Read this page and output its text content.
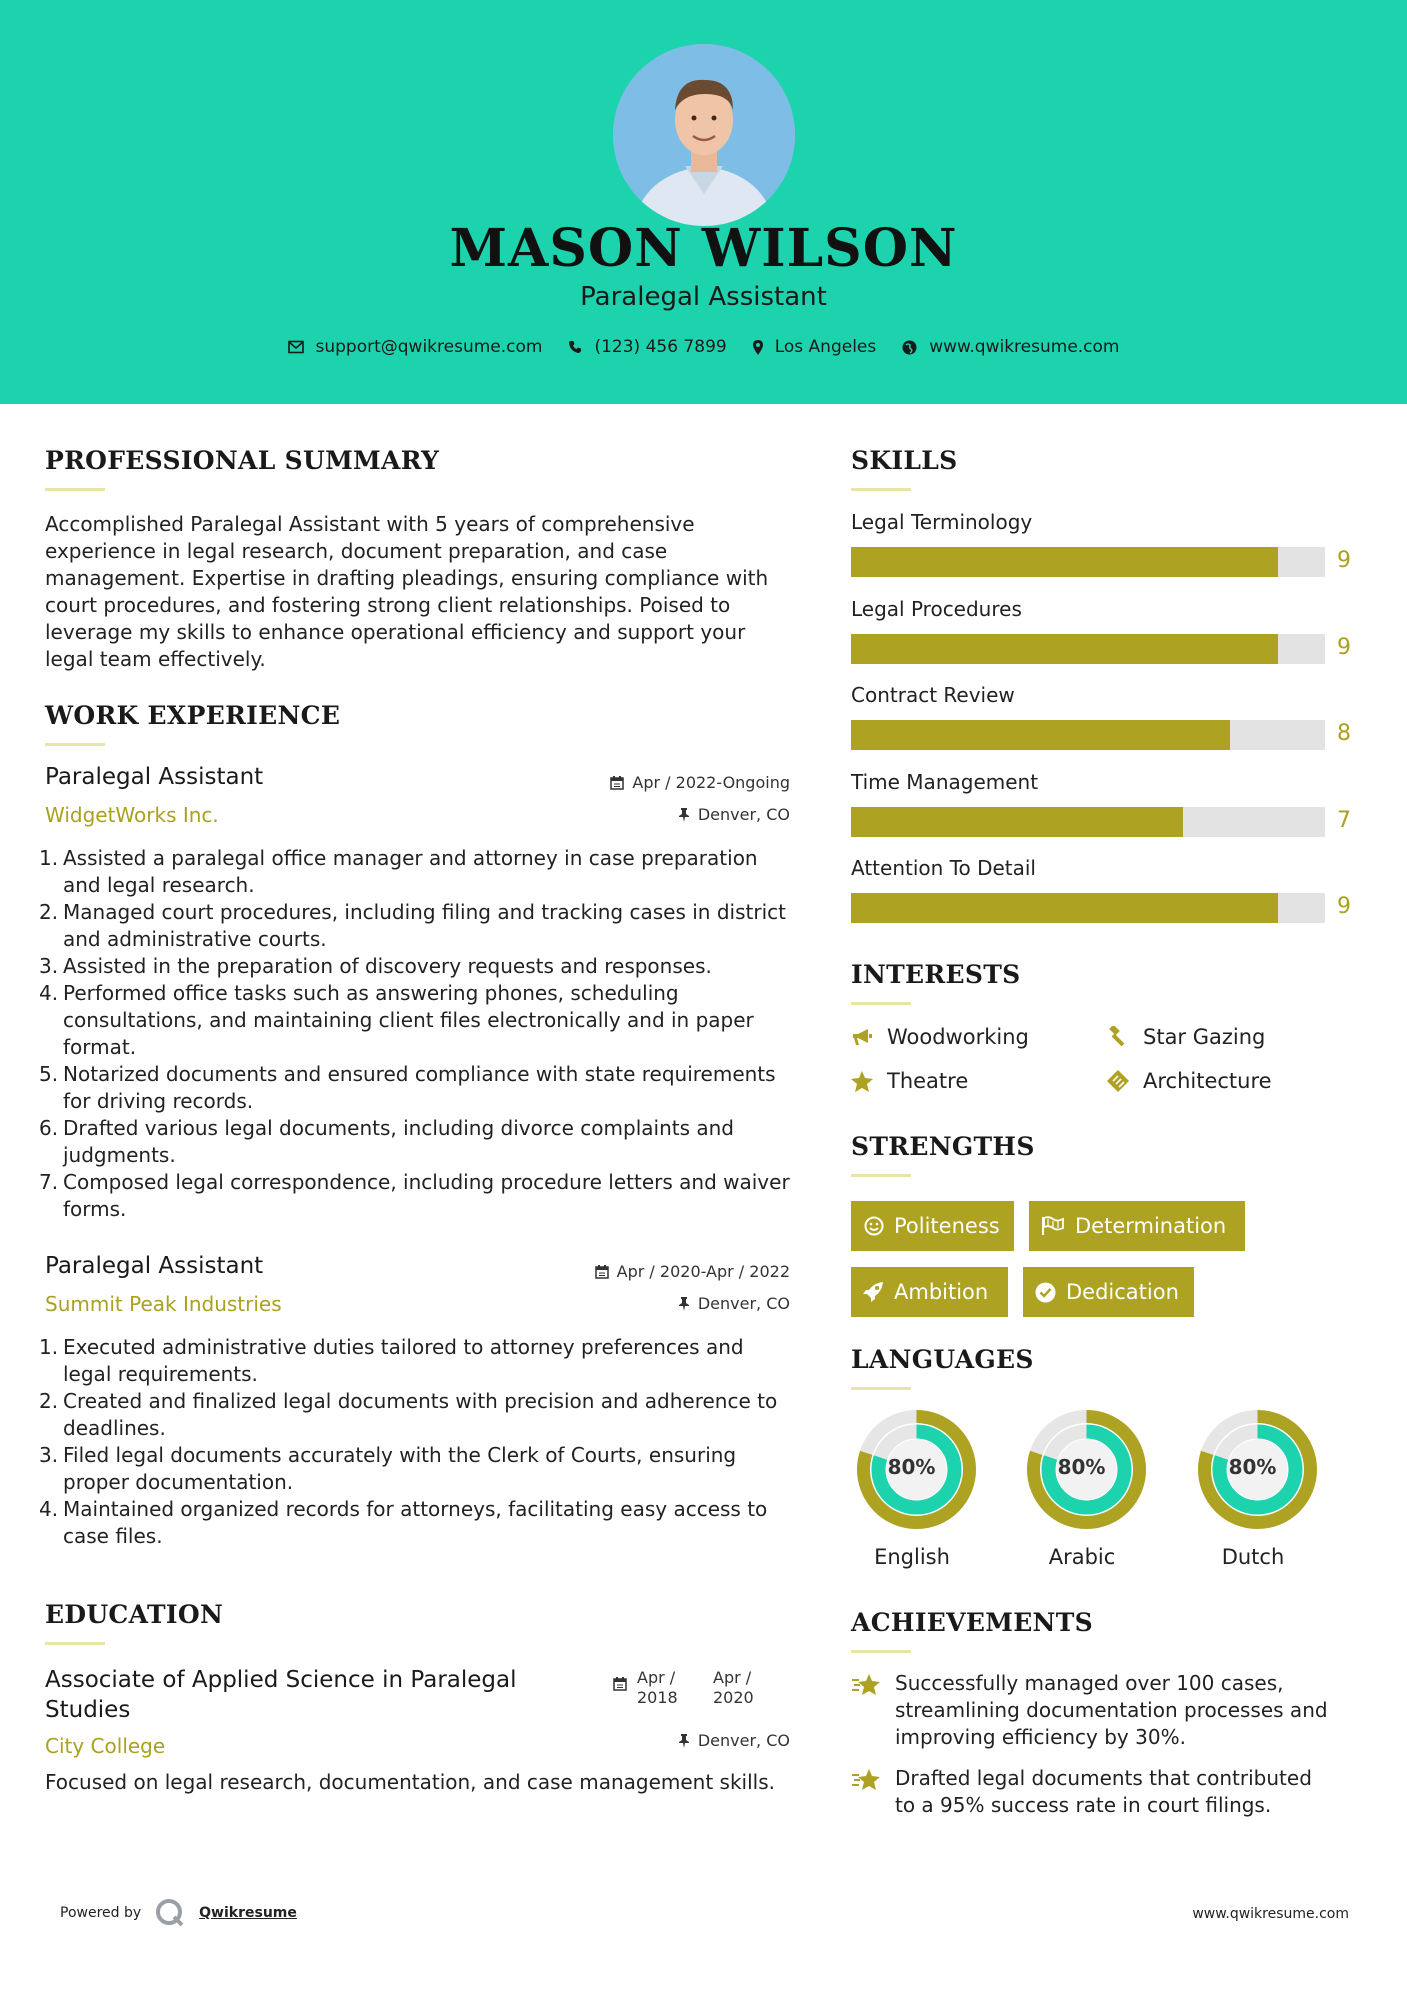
MASON WILSON
Paralegal Assistant
support@qwikresume.com	(123) 456 7899	Los Angeles	www.qwikresume.com
PROFESSIONAL SUMMARY
Accomplished Paralegal Assistant with 5 years of comprehensive experience in legal research, document preparation, and case management. Expertise in drafting pleadings, ensuring compliance with court procedures, and fostering strong client relationships. Poised to leverage my skills to enhance operational efficiency and support your legal team effectively.
WORK EXPERIENCE
Paralegal Assistant
WidgetWorks Inc.
Apr / 2022-Ongoing
Denver, CO
1. Assisted a paralegal office manager and attorney in case preparation and legal research.
2. Managed court procedures, including filing and tracking cases in district and administrative courts.
3. Assisted in the preparation of discovery requests and responses.
4. Performed office tasks such as answering phones, scheduling consultations, and maintaining client files electronically and in paper format.
5. Notarized documents and ensured compliance with state requirements for driving records.
6. Drafted various legal documents, including divorce complaints and judgments.
7. Composed legal correspondence, including procedure letters and waiver forms.
Paralegal Assistant
Summit Peak Industries
Apr / 2020-Apr / 2022
Denver, CO
1. Executed administrative duties tailored to attorney preferences and legal requirements.
2. Created and finalized legal documents with precision and adherence to deadlines.
3. Filed legal documents accurately with the Clerk of Courts, ensuring proper documentation.
4. Maintained organized records for attorneys, facilitating easy access to case files.
EDUCATION
Associate of Applied Science in Paralegal
Studies
City College
Apr /
2018
Apr /
2020
Denver, CO
Focused on legal research, documentation, and case management skills.
SKILLS
Legal Terminology
9
Legal Procedures
9
Contract Review
8
Time Management
7
Attention To Detail
9
INTERESTS
Woodworking	Star Gazing
Theatre	Architecture
STRENGTHS
Politeness	Determination
Ambition	Dedication
LANGUAGES
80%
English
80%
Arabic
80%
Dutch
ACHIEVEMENTS
Successfully managed over 100 cases,
streamlining documentation processes and
improving efficiency by 30%.
Drafted legal documents that contributed
to a 95% success rate in court filings.
Powered by	Qwikresume	www.qwikresume.com
